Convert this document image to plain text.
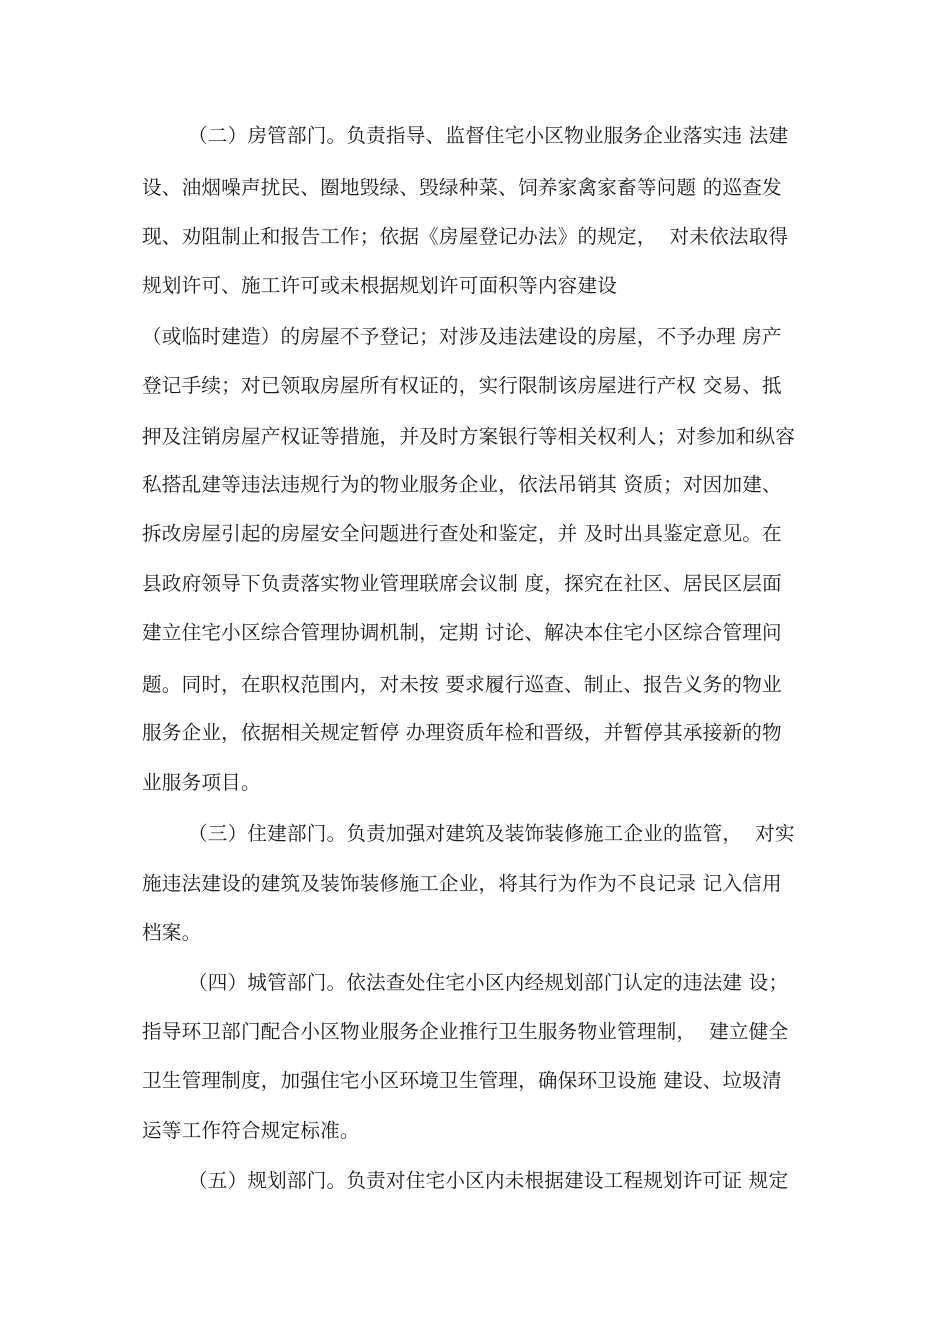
（二）房管部门。负责指导、监督住宅小区物业服务企业落实违 法建
设、油烟噪声扰民、圈地毁绿、毁绿种菜、饲养家禽家畜等问题 的巡查发
现、劝阻制止和报告工作；依据《房屋登记办法》的规定，  对未依法取得
规划许可、施工许可或未根据规划许可面积等内容建设
（或临时建造）的房屋不予登记；对涉及违法建设的房屋，不予办理 房产
登记手续；对已领取房屋所有权证的，实行限制该房屋进行产权 交易、抵
押及注销房屋产权证等措施，并及时方案银行等相关权利人；对参加和纵容
私搭乱建等违法违规行为的物业服务企业，依法吊销其 资质；对因加建、
拆改房屋引起的房屋安全问题进行查处和鉴定，并 及时出具鉴定意见。在
县政府领导下负责落实物业管理联席会议制 度，探究在社区、居民区层面
建立住宅小区综合管理协调机制，定期 讨论、解决本住宅小区综合管理问
题。同时，在职权范围内，对未按 要求履行巡查、制止、报告义务的物业
服务企业，依据相关规定暂停 办理资质年检和晋级，并暂停其承接新的物
业服务项目。
（三）住建部门。负责加强对建筑及装饰装修施工企业的监管，  对实
施违法建设的建筑及装饰装修施工企业，将其行为作为不良记录 记入信用
档案。
（四）城管部门。依法查处住宅小区内经规划部门认定的违法建 设；
指导环卫部门配合小区物业服务企业推行卫生服务物业管理制，  建立健全
卫生管理制度，加强住宅小区环境卫生管理，确保环卫设施 建设、垃圾清
运等工作符合规定标准。
（五）规划部门。负责对住宅小区内未根据建设工程规划许可证 规定
